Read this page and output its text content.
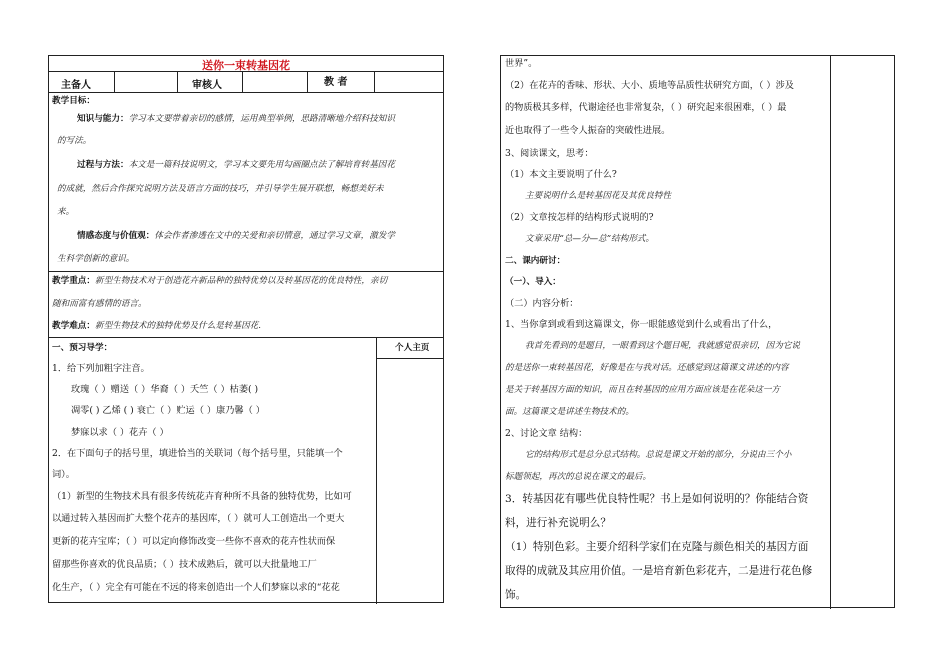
送你一束转基因花
主备人	审核人	教 者
教学目标：
知识与能力：学习本文要带着亲切的感情，运用典型举例，思路清晰地介绍科技知识
的写法。
过程与方法：本文是一篇科技说明文，学习本文要先用勾画圈点法了解培育转基因花
的成就，然后合作探究说明方法及语言方面的技巧，并引导学生展开联想，畅想美好未
来。
情感态度与价值观：体会作者渗透在文中的关爱和亲切情意，通过学习文章，激发学
生科学创新的意识。
教学重点：新型生物技术对于创造花卉新品种的独特优势以及转基因花的优良特性，亲切
随和而富有感情的语言。
教学难点：新型生物技术的独特优势及什么是转基因花.
一、预习导学：	个人主页
1．给下列加粗字注音。
玫瑰（ ）赠送（ ）华裔（ ）夭竺（ ）枯萎( )
凋零( ) 乙烯 ( ) 衰亡（ ）贮运（ ）康乃馨（ ）
梦寐以求（ ）花卉（ ）
2．在下面句子的括号里，填进恰当的关联词（每个括号里，只能填一个
词）。
（1）新型的生物技术具有很多传统花卉育种所不具备的独特优势，比如可
以通过转入基因而扩大整个花卉的基因库，（ ）就可人工创造出一个更大
更新的花卉宝库；（ ）可以定向修饰改变一些你不喜欢的花卉性状而保
留那些你喜欢的优良品质；（ ）技术成熟后，就可以大批量地工厂
化生产，（ ）完全有可能在不远的将来创造出一个人们梦寐以求的“花花
世界”。
（2）在花卉的香味、形状、大小、质地等品质性状研究方面，（ ）涉及
的物质极其多样，代谢途径也非常复杂，（ ）研究起来很困难，（ ）最
近也取得了一些令人振奋的突破性进展。
3、阅读课文，思考：
（1）本文主要说明了什么?
主要说明什么是转基因花及其优良特性
（2）文章按怎样的结构形式说明的?
文章采用“总—分—总”结构形式。
二、课内研讨：
（一）、导入：
（二）内容分析：
1、当你拿到或看到这篇课文，你一眼能感觉到什么或看出了什么，
我首先看到的是题目，一眼看到这个题目呢，我就感觉很亲切，因为它说
的是送你一束转基因花，好像是在与我对话。还感觉到这篇课文讲述的内容
是关于转基因方面的知识，而且在转基因的应用方面应该是在花朵这一方
面。这篇课文是讲述生物技术的。
2、讨论文章 结构：
它的结构形式是总分总式结构。总说是课文开始的部分，分说由三个小
标题领起，再次的总说在课文的最后。
3．转基因花有哪些优良特性呢？书上是如何说明的？你能结合资
料，进行补充说明么？
（1）特别色彩。主要介绍科学家们在克隆与颜色相关的基因方面
取得的成就及其应用价值。一是培育新色彩花卉，二是进行花色修
饰。
